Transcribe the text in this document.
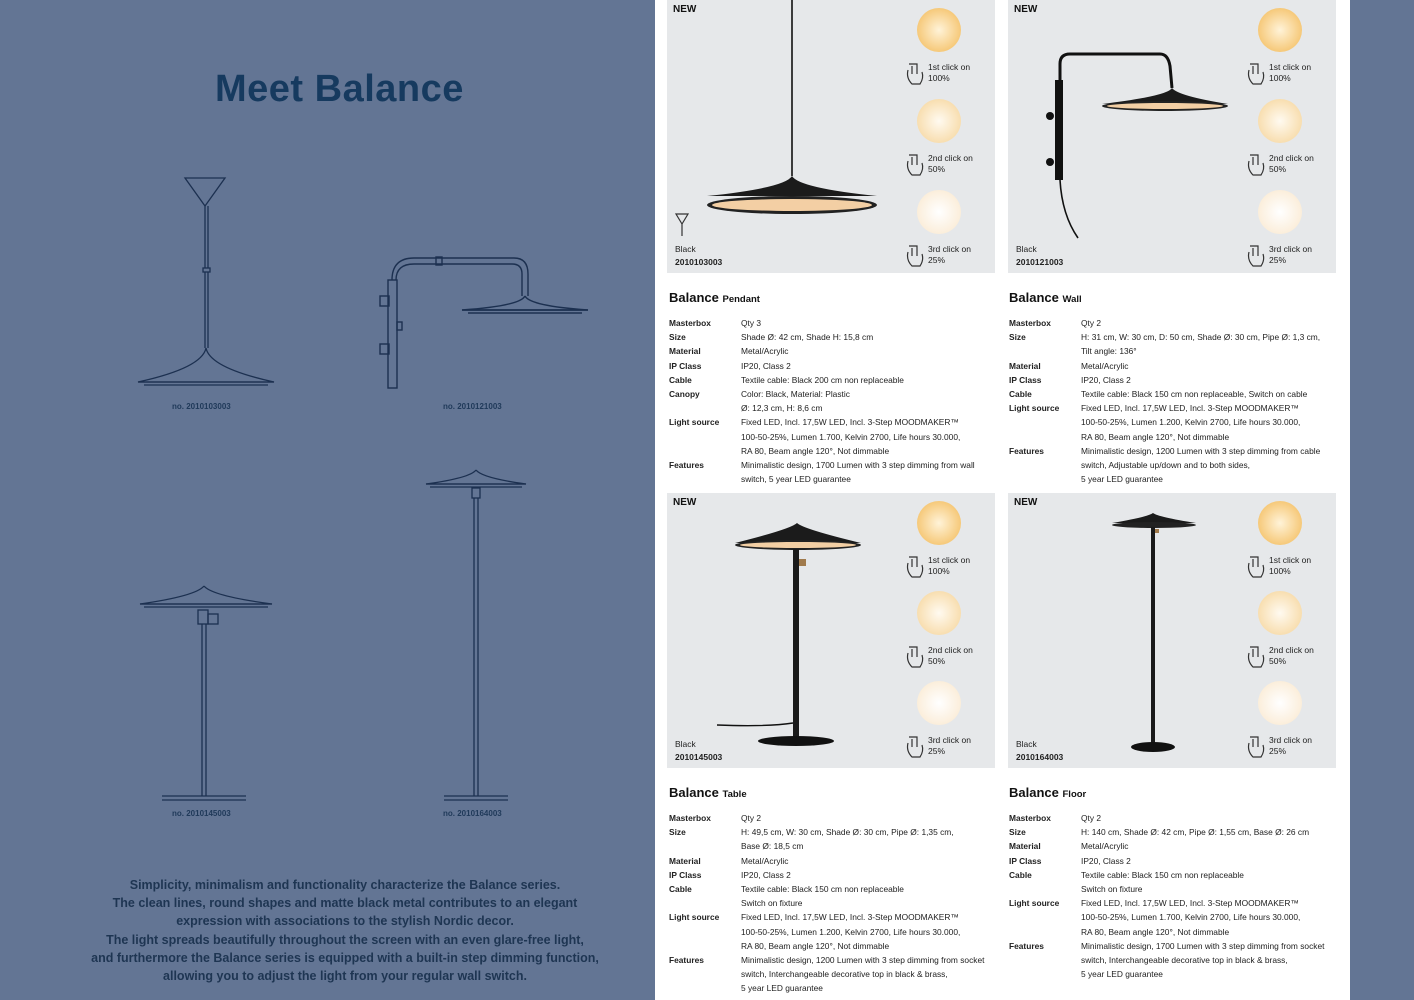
Meet Balance
no. 2010103003	no. 2010121003
no. 2010145003	no. 2010164003
Simplicity, minimalism and functionality characterize the Balance series.
The clean lines, round shapes and matte black metal contributes to an elegant
expression with associations to the stylish Nordic decor.
The light spreads beautifully throughout the screen with an even glare-free light,
and furthermore the Balance series is equipped with a built-in step dimming function,
allowing you to adjust the light from your regular wall switch.
NEW
Black
2010103003
1st click on
100%
2nd click on
50%
3rd click on
25%
NEW
Black
2010121003
1st click on
100%
2nd click on
50%
3rd click on
25%
NEW
Black
2010145003
1st click on
100%
2nd click on
50%
3rd click on
25%
NEW
Black
2010164003
1st click on
100%
2nd click on
50%
3rd click on
25%
Balance Pendant
Masterbox	Qty 3
Size	Shade Ø: 42 cm, Shade H: 15,8 cm
Material	Metal/Acrylic
IP Class	IP20, Class 2
Cable	Textile cable: Black 200 cm non replaceable
Canopy	Color: Black, Material: Plastic
Ø: 12,3 cm, H: 8,6 cm
Light source	Fixed LED, Incl. 17,5W LED, Incl. 3-Step MOODMAKER™
100-50-25%, Lumen 1.700, Kelvin 2700, Life hours 30.000,
RA 80, Beam angle 120°, Not dimmable
Features	Minimalistic design, 1700 Lumen with 3 step dimming from wall
switch, 5 year LED guarantee
Balance Wall
Masterbox	Qty 2
Size	H: 31 cm, W: 30 cm, D: 50 cm, Shade Ø: 30 cm, Pipe Ø: 1,3 cm,
Tilt angle: 136°
Material	Metal/Acrylic
IP Class	IP20, Class 2
Cable	Textile cable: Black 150 cm non replaceable, Switch on cable
Light source	Fixed LED, Incl. 17,5W LED, Incl. 3-Step MOODMAKER™
100-50-25%, Lumen 1.200, Kelvin 2700, Life hours 30.000,
RA 80, Beam angle 120°, Not dimmable
Features	Minimalistic design, 1200 Lumen with 3 step dimming from cable
switch, Adjustable up/down and to both sides,
5 year LED guarantee
Balance Table
Masterbox	Qty 2
Size	H: 49,5 cm, W: 30 cm, Shade Ø: 30 cm, Pipe Ø: 1,35 cm,
Base Ø: 18,5 cm
Material	Metal/Acrylic
IP Class	IP20, Class 2
Cable	Textile cable: Black 150 cm non replaceable
Switch on fixture
Light source	Fixed LED, Incl. 17,5W LED, Incl. 3-Step MOODMAKER™
100-50-25%, Lumen 1.200, Kelvin 2700, Life hours 30.000,
RA 80, Beam angle 120°, Not dimmable
Features	Minimalistic design, 1200 Lumen with 3 step dimming from socket
switch, Interchangeable decorative top in black & brass,
5 year LED guarantee
Balance Floor
Masterbox	Qty 2
Size	H: 140 cm, Shade Ø: 42 cm, Pipe Ø: 1,55 cm, Base Ø: 26 cm
Material	Metal/Acrylic
IP Class	IP20, Class 2
Cable	Textile cable: Black 150 cm non replaceable
Switch on fixture
Light source	Fixed LED, Incl. 17,5W LED, Incl. 3-Step MOODMAKER™
100-50-25%, Lumen 1.700, Kelvin 2700, Life hours 30.000,
RA 80, Beam angle 120°, Not dimmable
Features	Minimalistic design, 1700 Lumen with 3 step dimming from socket
switch, Interchangeable decorative top in black & brass,
5 year LED guarantee
